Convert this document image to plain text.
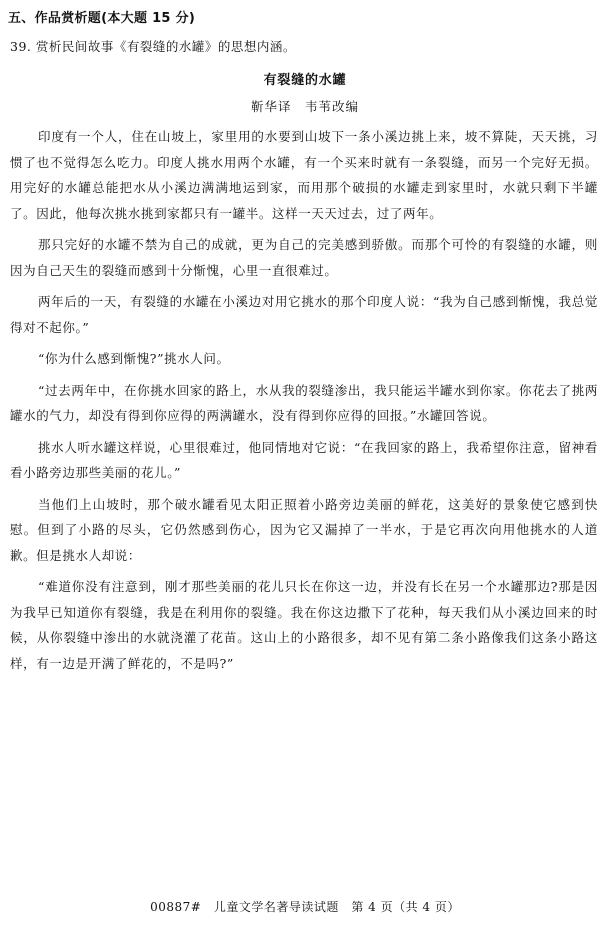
五、作品赏析题(本大题 15 分)
39. 赏析民间故事《有裂缝的水罐》的思想内涵。
有裂缝的水罐
靳华译　韦苇改编

印度有一个人，住在山坡上，家里用的水要到山坡下一条小溪边挑上来，坡不算陡，天天挑，习惯了也不觉得怎么吃力。印度人挑水用两个水罐，有一个买来时就有一条裂缝，而另一个完好无损。用完好的水罐总能把水从小溪边满满地运到家，而用那个破损的水罐走到家里时，水就只剩下半罐了。因此，他每次挑水挑到家都只有一罐半。这样一天天过去，过了两年。

那只完好的水罐不禁为自己的成就，更为自己的完美感到骄傲。而那个可怜的有裂缝的水罐，则因为自己天生的裂缝而感到十分惭愧，心里一直很难过。

两年后的一天，有裂缝的水罐在小溪边对用它挑水的那个印度人说：“我为自己感到惭愧，我总觉得对不起你。”

“你为什么感到惭愧?”挑水人问。

“过去两年中，在你挑水回家的路上，水从我的裂缝渗出，我只能运半罐水到你家。你花去了挑两罐水的气力，却没有得到你应得的两满罐水，没有得到你应得的回报。”水罐回答说。

挑水人听水罐这样说，心里很难过，他同情地对它说：“在我回家的路上，我希望你注意，留神看看小路旁边那些美丽的花儿。”

当他们上山坡时，那个破水罐看见太阳正照着小路旁边美丽的鲜花，这美好的景象使它感到快慰。但到了小路的尽头，它仍然感到伤心，因为它又漏掉了一半水，于是它再次向用他挑水的人道歉。但是挑水人却说：

“难道你没有注意到，刚才那些美丽的花儿只长在你这一边，并没有长在另一个水罐那边?那是因为我早已知道你有裂缝，我是在利用你的裂缝。我在你这边撒下了花种，每天我们从小溪边回来的时候，从你裂缝中渗出的水就浇灌了花苗。这山上的小路很多，却不见有第二条小路像我们这条小路这样，有一边是开满了鲜花的，不是吗?”

00887#　儿童文学名著导读试题　第 4 页（共 4 页）
